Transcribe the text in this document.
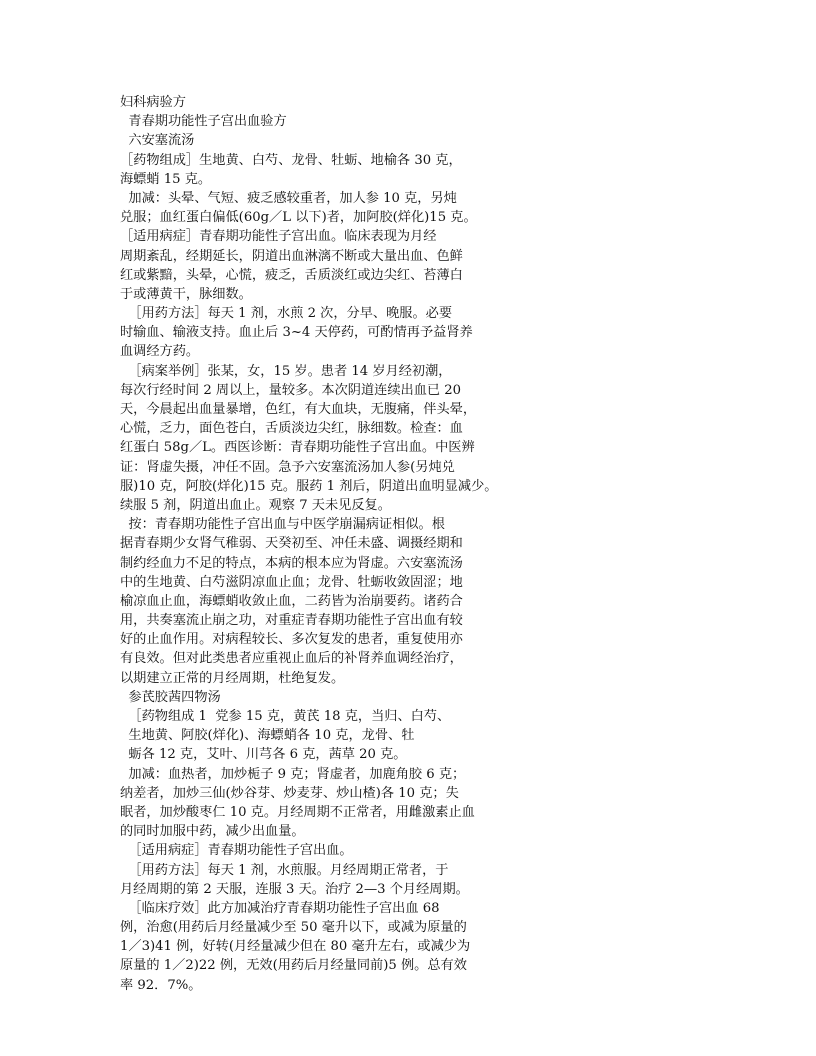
妇科病验方
青春期功能性子宫出血验方
六安塞流汤
［药物组成］生地黄、白芍、龙骨、牡蛎、地榆各 30 克，
海螵蛸 15 克。
加减：头晕、气短、疲乏感较重者，加人参 10 克，另炖
兑服；血红蛋白偏低(60g／L 以下)者，加阿胶(烊化)15 克。
［适用病症］青春期功能性子宫出血。临床表现为月经
周期紊乱，经期延长，阴道出血淋漓不断或大量出血、色鲜
红或紫黯，头晕，心慌，疲乏，舌质淡红或边尖红、苔薄白
于或薄黄干，脉细数。
［用药方法］每天 1 剂，水煎 2 次，分早、晚服。必要
时输血、输液支持。血止后 3~4 天停药，可酌情再予益肾养
血调经方药。
［病案举例］张某，女，15 岁。患者 14 岁月经初潮，
每次行经时间 2 周以上，量较多。本次阴道连续出血已 20
天，今晨起出血量暴增，色红，有大血块，无腹痛，伴头晕，
心慌，乏力，面色苍白，舌质淡边尖红，脉细数。检查：血
红蛋白 58g／L。西医诊断：青春期功能性子宫出血。中医辨
证：肾虚失摄，冲任不固。急予六安塞流汤加人参(另炖兑
服)10 克，阿胶(烊化)15 克。服药 1 剂后，阴道出血明显减少。
续服 5 剂，阴道出血止。观察 7 天未见反复。
按：青春期功能性子宫出血与中医学崩漏病证相似。根
据青春期少女肾气稚弱、天癸初至、冲任未盛、调摄经期和
制约经血力不足的特点，本病的根本应为肾虚。六安塞流汤
中的生地黄、白芍滋阴凉血止血；龙骨、牡蛎收敛固涩；地
榆凉血止血，海螵蛸收敛止血，二药皆为治崩要药。诸药合
用，共奏塞流止崩之功，对重症青春期功能性子宫出血有较
好的止血作用。对病程较长、多次复发的患者，重复使用亦
有良效。但对此类患者应重视止血后的补肾养血调经治疗，
以期建立正常的月经周期，杜绝复发。
参芪胶茜四物汤
［药物组成 1  党参 15 克，黄芪 18 克，当归、白芍、
生地黄、阿胶(烊化)、海螵蛸各 10 克，龙骨、牡
蛎各 12 克，艾叶、川芎各 6 克，茜草 20 克。
加减：血热者，加炒栀子 9 克；肾虚者，加鹿角胶 6 克；
纳差者，加炒三仙(炒谷芽、炒麦芽、炒山楂)各 10 克；失
眠者，加炒酸枣仁 10 克。月经周期不正常者，用雌激素止血
的同时加服中药，减少出血量。
［适用病症］青春期功能性子宫出血。
［用药方法］每天 1 剂，水煎服。月经周期正常者，于
月经周期的第 2 天服，连服 3 天。治疗 2—3 个月经周期。
［临床疗效］此方加减治疗青春期功能性子宫出血 68
例，治愈(用药后月经量减少至 50 毫升以下，或减为原量的
1／3)41 例，好转(月经量减少但在 80 毫升左右，或减少为
原量的 1／2)22 例，无效(用药后月经量同前)5 例。总有效
率 92．7%。
